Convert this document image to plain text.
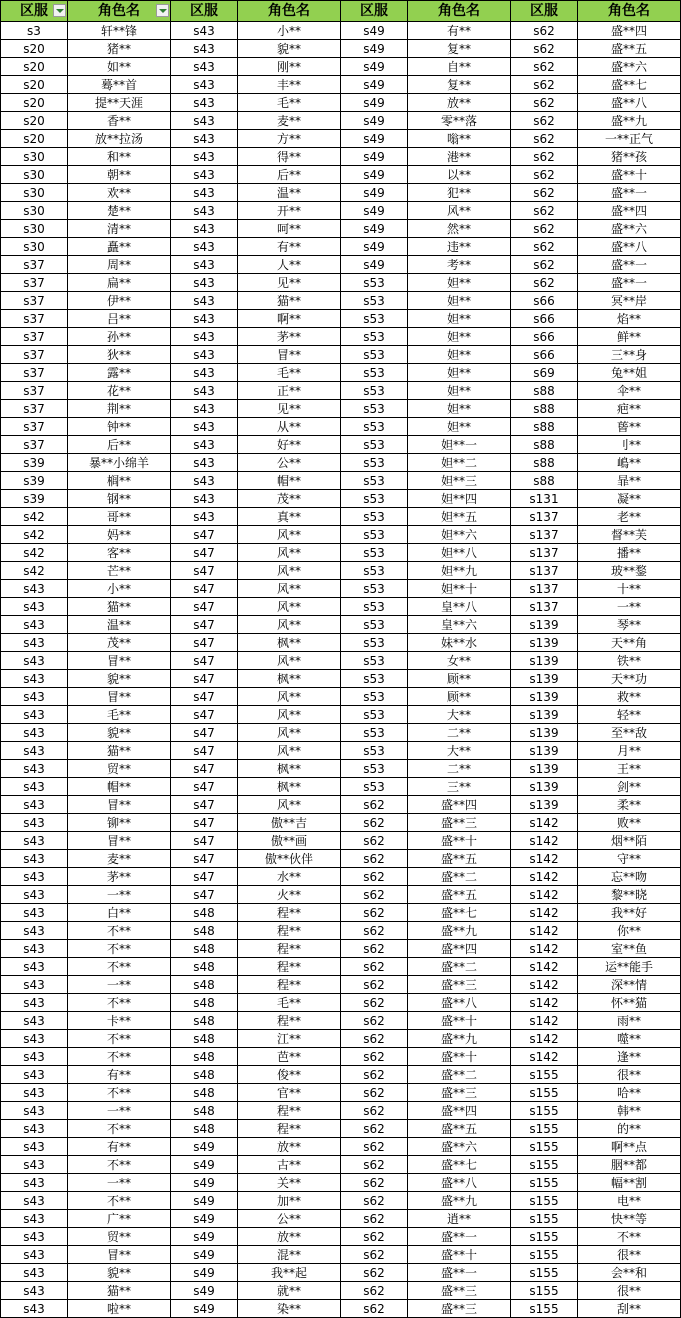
区服	角色名	区服	角色名	区服	角色名	区服	角色名
s3	轩**锋	s43	小**	s49	有**	s62	盛**四
s20	猪**	s43	貌**	s49	复**	s62	盛**五
s20	如**	s43	刚**	s49	自**	s62	盛**六
s20	蓦**首	s43	丰**	s49	复**	s62	盛**七
s20	提**天涯	s43	毛**	s49	放**	s62	盛**八
s20	香**	s43	麦**	s49	零**落	s62	盛**九
s20	放**拉汤	s43	方**	s49	嗡**	s62	一**正气
s30	和**	s43	得**	s49	港**	s62	猪**孩
s30	朝**	s43	后**	s49	以**	s62	盛**十
s30	欢**	s43	温**	s49	犯**	s62	盛**一
s30	楚**	s43	开**	s49	风**	s62	盛**四
s30	清**	s43	呵**	s49	然**	s62	盛**六
s30	矗**	s43	有**	s49	违**	s62	盛**八
s37	周**	s43	人**	s49	考**	s62	盛**一
s37	扁**	s43	见**	s53	妲**	s62	盛**一
s37	伊**	s43	猫**	s53	妲**	s66	冥**岸
s37	吕**	s43	啊**	s53	妲**	s66	焰**
s37	孙**	s43	茅**	s53	妲**	s66	鲜**
s37	狄**	s43	冒**	s53	妲**	s66	三**身
s37	露**	s43	毛**	s53	妲**	s69	兔**姐
s37	花**	s43	正**	s53	妲**	s88	伞**
s37	荆**	s43	见**	s53	妲**	s88	疤**
s37	钟**	s43	从**	s53	妲**	s88	蒈**
s37	后**	s43	好**	s53	妲**一	s88	刂**
s39	暴**小绵羊	s43	公**	s53	妲**二	s88	嶋**
s39	榈**	s43	帽**	s53	妲**三	s88	暃**
s39	钢**	s43	茂**	s53	妲**四	s131	凝**
s42	哥**	s43	真**	s53	妲**五	s137	老**
s42	妈**	s47	风**	s53	妲**六	s137	督**芙
s42	客**	s47	风**	s53	妲**八	s137	播**
s42	芒**	s47	风**	s53	妲**九	s137	玻**鍪
s43	小**	s47	风**	s53	妲**十	s137	十**
s43	猫**	s47	风**	s53	皇**八	s137	一**
s43	温**	s47	风**	s53	皇**六	s139	琴**
s43	茂**	s47	枫**	s53	妹**水	s139	天**角
s43	冒**	s47	风**	s53	女**	s139	铁**
s43	貌**	s47	枫**	s53	顾**	s139	天**功
s43	冒**	s47	风**	s53	顾**	s139	救**
s43	毛**	s47	风**	s53	大**	s139	轻**
s43	貌**	s47	风**	s53	二**	s139	至**敌
s43	猫**	s47	风**	s53	大**	s139	月**
s43	贸**	s47	枫**	s53	二**	s139	王**
s43	帽**	s47	枫**	s53	三**	s139	剑**
s43	冒**	s47	风**	s62	盛**四	s139	柔**
s43	铆**	s47	傲**吉	s62	盛**三	s142	败**
s43	冒**	s47	傲**画	s62	盛**十	s142	烟**陌
s43	麦**	s47	傲**伙伴	s62	盛**五	s142	守**
s43	茅**	s47	水**	s62	盛**二	s142	忘**吻
s43	一**	s47	火**	s62	盛**五	s142	黎**晓
s43	白**	s48	程**	s62	盛**七	s142	我**好
s43	不**	s48	程**	s62	盛**九	s142	你**
s43	不**	s48	程**	s62	盛**四	s142	室**鱼
s43	不**	s48	程**	s62	盛**二	s142	运**能手
s43	一**	s48	程**	s62	盛**三	s142	深**情
s43	不**	s48	毛**	s62	盛**八	s142	怀**猫
s43	卡**	s48	程**	s62	盛**十	s142	雨**
s43	不**	s48	江**	s62	盛**九	s142	噬**
s43	不**	s48	芭**	s62	盛**十	s142	逢**
s43	有**	s48	俊**	s62	盛**二	s155	很**
s43	不**	s48	官**	s62	盛**三	s155	哈**
s43	一**	s48	程**	s62	盛**四	s155	韩**
s43	不**	s48	程**	s62	盛**五	s155	的**
s43	有**	s49	放**	s62	盛**六	s155	啊**点
s43	不**	s49	古**	s62	盛**七	s155	胭**都
s43	一**	s49	关**	s62	盛**八	s155	幅**割
s43	不**	s49	加**	s62	盛**九	s155	电**
s43	广**	s49	公**	s62	逍**	s155	快**等
s43	贸**	s49	放**	s62	盛**一	s155	不**
s43	冒**	s49	混**	s62	盛**十	s155	很**
s43	貌**	s49	我**起	s62	盛**一	s155	会**和
s43	猫**	s49	就**	s62	盛**三	s155	很**
s43	啦**	s49	染**	s62	盛**三	s155	刮**
